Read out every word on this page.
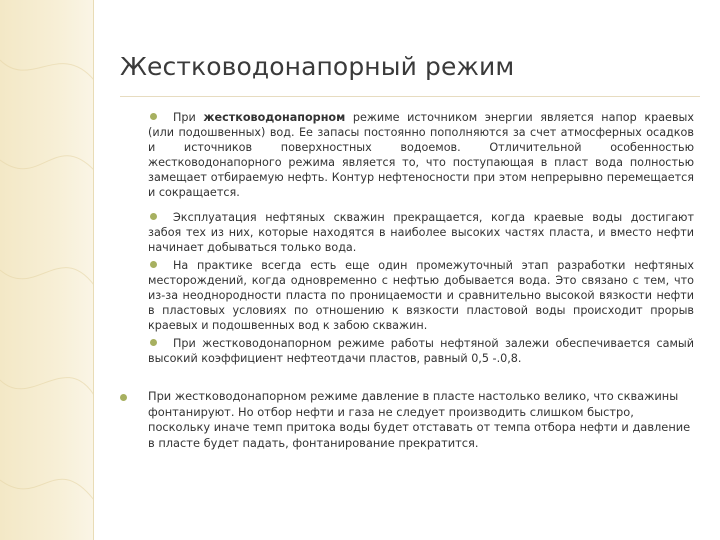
Жестководонапорный режим
При жестководонапорном режиме источником энергии является напор краевых (или подошвенных) вод. Ее запасы постоянно пополняются за счет атмосферных осадков и источников поверхностных водоемов. Отличительной особенностью жестководонапорного режима является то, что поступающая в пласт вода полностью замещает отбираемую нефть. Контур нефтеносности при этом непрерывно перемещается и сокращается.
Эксплуатация нефтяных скважин прекращается, когда краевые воды достигают забоя тех из них, которые находятся в наиболее высоких частях пласта, и вместо нефти начинает добываться только вода.
На практике всегда есть еще один промежуточный этап разработки нефтяных месторождений, когда одновременно с нефтью добывается вода. Это связано с тем, что из-за неоднородности пласта по проницаемости и сравнительно высокой вязкости нефти в пластовых условиях по отношению к вязкости пластовой воды происходит прорыв краевых и подошвенных вод к забою скважин.
При жестководонапорном режиме работы нефтяной залежи обеспечивается самый высокий коэффициент нефтеотдачи пластов, равный 0,5 -.0,8.
При жестководонапорном режиме давление в пласте настолько велико, что скважины фонтанируют. Но отбор нефти и газа не следует производить слишком быстро, поскольку иначе темп притока воды будет отставать от темпа отбора нефти и давление в пласте будет падать, фонтанирование прекратится.
